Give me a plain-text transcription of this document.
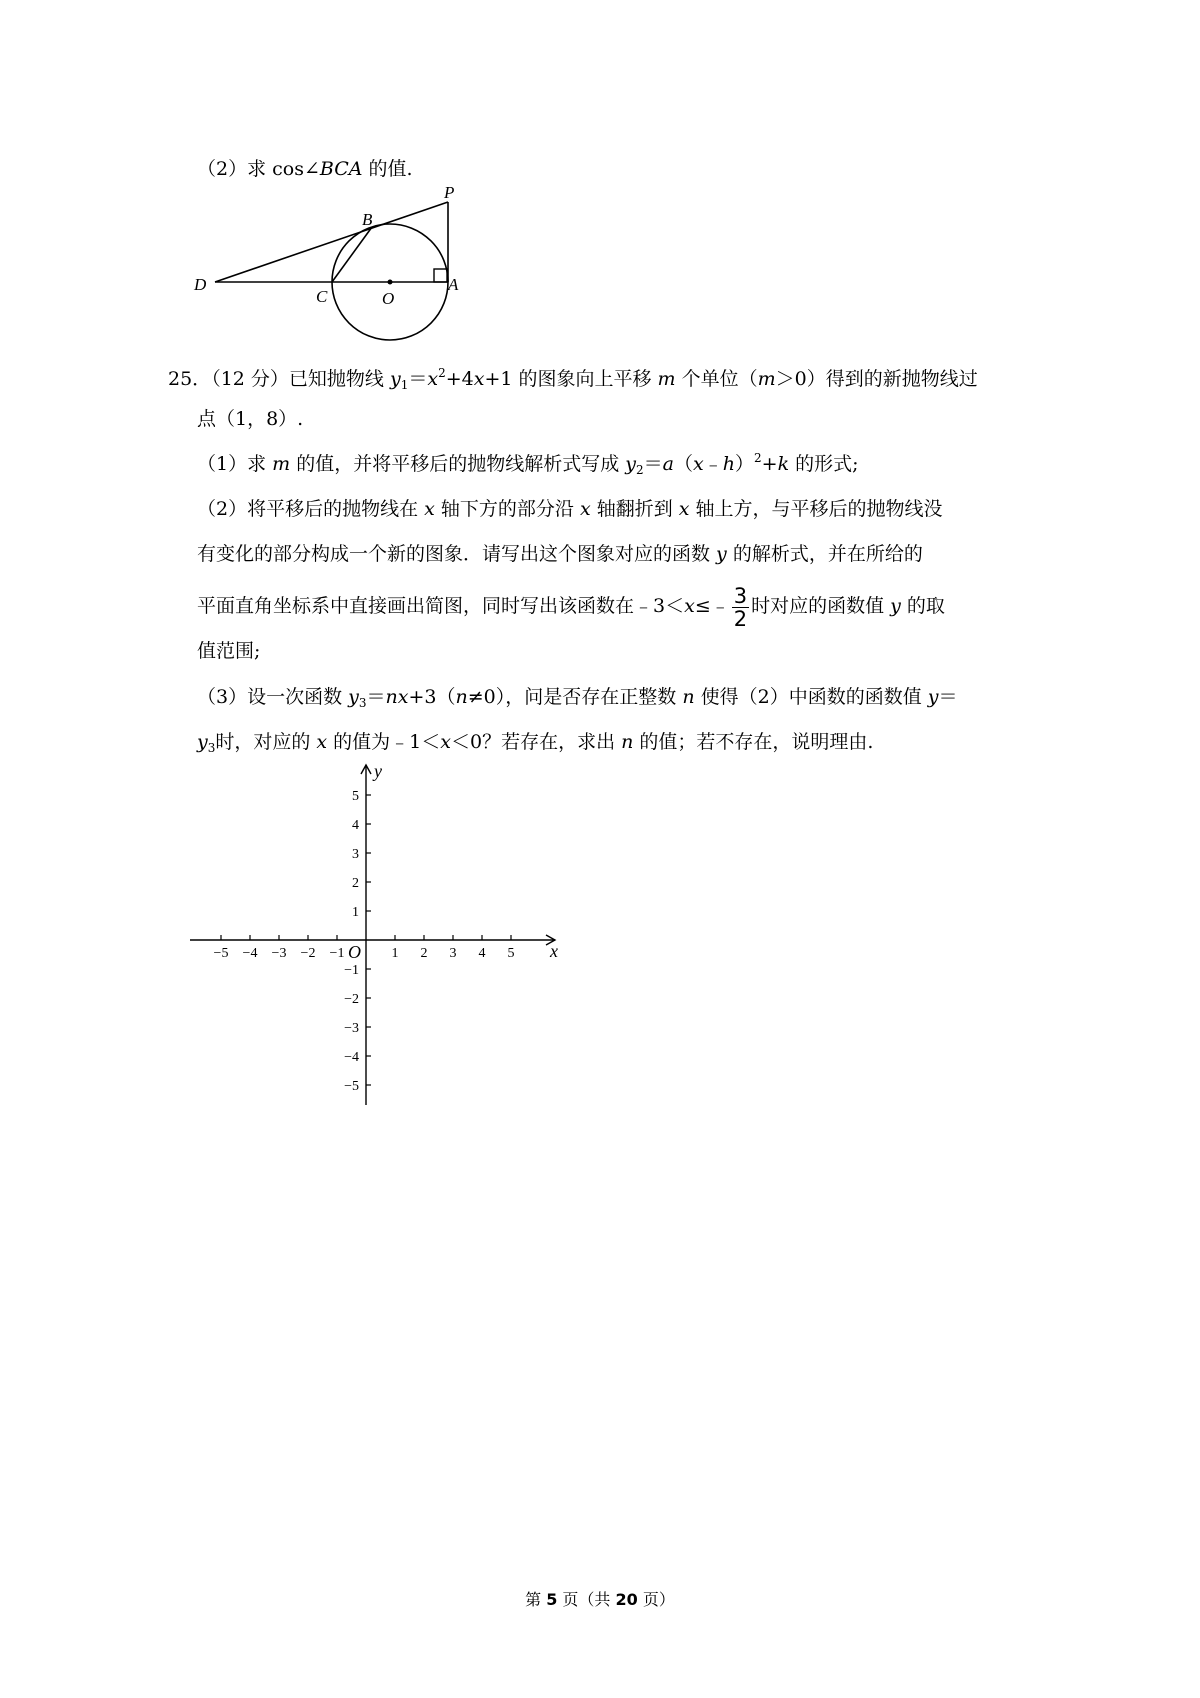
（2）求 cos∠BCA 的值.
P
B
D
C	O
A
25．（12 分）已知抛物线 $y_1=x^2+4x+1$ 的图象向上平移 m 个单位（m＞0）得到的新抛物线过
点（1，8）.
（1）求 m 的值，并将平移后的抛物线解析式写成 $y_2=a(x﹣h)^2+k$ 的形式;
（2）将平移后的抛物线在 x 轴下方的部分沿 x 轴翻折到 x 轴上方，与平移后的抛物线没
有变化的部分构成一个新的图象．请写出这个图象对应的函数 y 的解析式，并在所给的
平面直角坐标系中直接画出简图，同时写出该函数在﹣3＜x≤﹣ $\frac{3}{2}$ 时对应的函数值 y 的取
值范围;
（3）设一次函数 $y_3=nx+3(n\ne 0)$，问是否存在正整数 n 使得（2）中函数的函数值 y＝
$y_3$时，对应的 x 的值为﹣1＜x＜0？若存在，求出 n 的值；若不存在，说明理由.
y
x
O
−5 −4 −3 −2 −1	1 2 3 4 5
5
4
3
2
1
−1
−2
−3
−4
−5
第 5 页（共 20 页）
